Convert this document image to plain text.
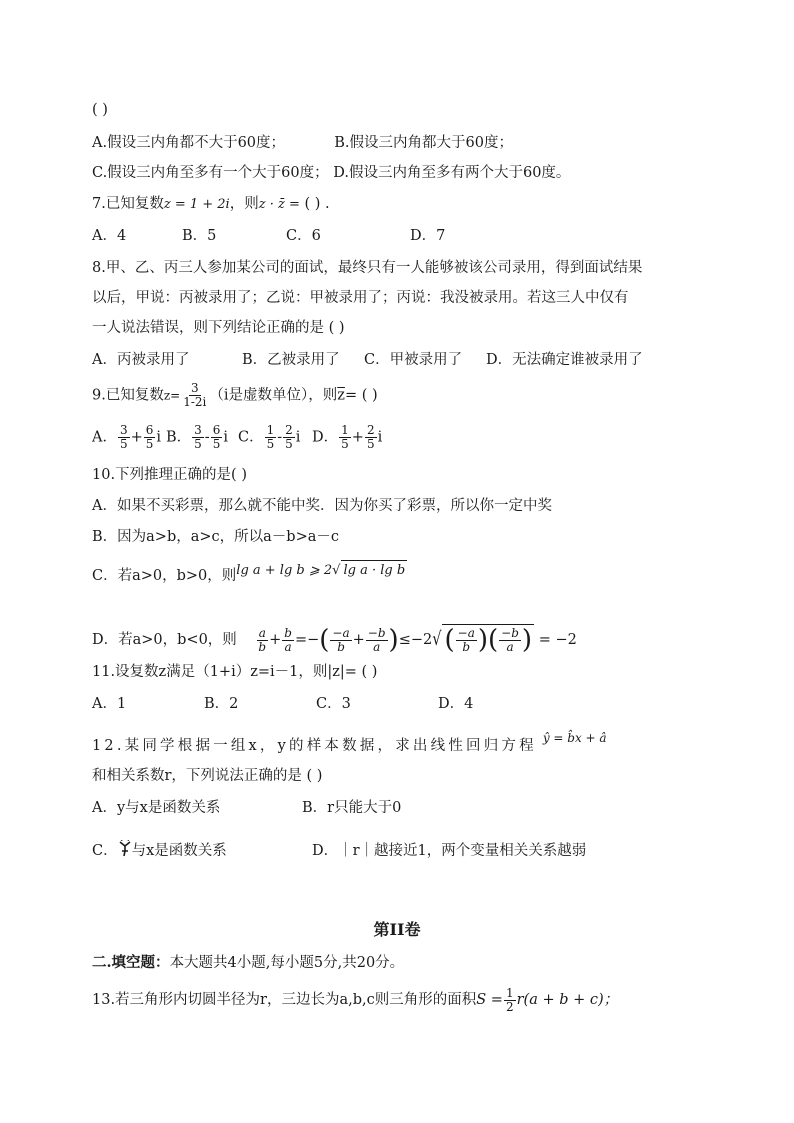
( )
A.假设三内角都不大于60度；	B.假设三内角都大于60度；
C.假设三内角至多有一个大于60度； D.假设三内角至多有两个大于60度。
7.已知复数z = 1 + 2i，则z · z̄ = ( ) .
A．4	B．5	C．6	D．7
8.甲、乙、丙三人参加某公司的面试，最终只有一人能够被该公司录用，得到面试结果
以后，甲说：丙被录用了；乙说：甲被录用了；丙说：我没被录用。若这三人中仅有
一人说法错误，则下列结论正确的是 ( )
A．丙被录用了	B．乙被录用了 C．甲被录用了 D．无法确定谁被录用了
9.已知复数$z= \frac{3}{1-2i} (i$是虚数单位），则$\overline{z}=$ ( )
A． $\frac{3}{5} + \frac{6}{5}$ i B． $\frac{3}{5} - \frac{6}{5}$ i C． $\frac{1}{5} - \frac{2}{5}$ i D． $\frac{1}{5} + \frac{2}{5}$ i
10.下列推理正确的是( )
A．如果不买彩票，那么就不能中奖．因为你买了彩票，所以你一定中奖
B．因为a>b，a>c，所以a－b>a－c
C．若a>0，b>0，则lg a + lg b ⩾ 2√ lg a · lg b
D．若a>0，b<0，则 $\frac{a}{b} + \frac{b}{a}$ =−( $\frac{-a}{b} + \frac{-b}{a} )\le-2√$ ( $\frac{-a}{b}$ )( $\frac{-b}{a}$ ) = −2
11.设复数z满足（1+i）z=i－1，则|z|= ( )
A．1	B．2	C．3	D．4
12.某同学根据一组x，y的样本数据，求出线性回归方程 $^{ŷ = b̂x + â}$
和相关系数r，下列说法正确的是 ( )
A．y与x是函数关系	B．r只能大于0
C． 与x是函数关系	D．｜r｜越接近1，两个变量相关关系越弱
第II卷
二.填空题：本大题共4小题,每小题5分,共20分。
13.若三角形内切圆半径为r，三边长为a,b,c则三角形的面积$S = \frac{1}{2} r(a + b + c)$；
